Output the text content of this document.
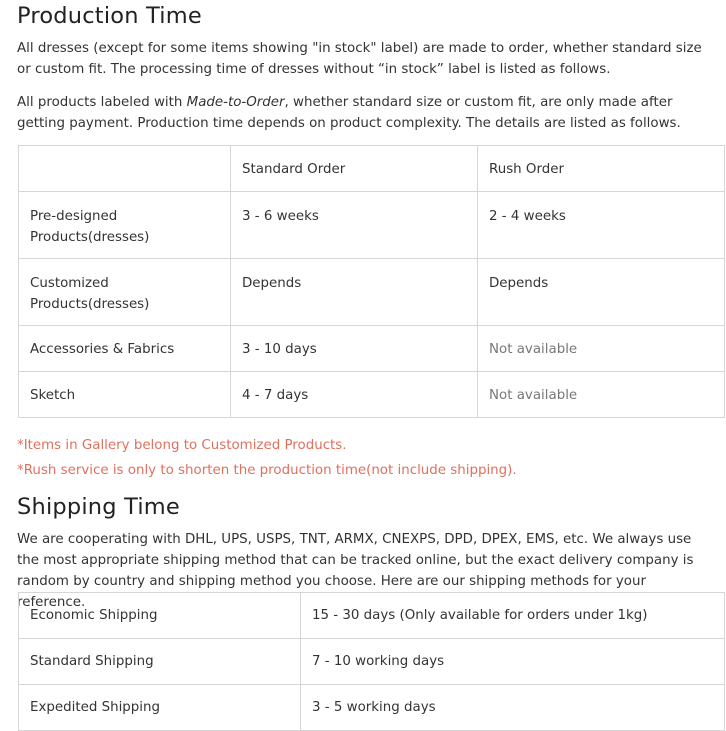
Production Time

All dresses (except for some items showing "in stock" label) are made to order, whether standard size or custom fit. The processing time of dresses without “in stock” label is listed as follows.

All products labeled with Made-to-Order, whether standard size or custom fit, are only made after getting payment. Production time depends on product complexity. The details are listed as follows.

	Standard Order	Rush Order
Pre-designed Products(dresses)	3 - 6 weeks	2 - 4 weeks
Customized Products(dresses)	Depends	Depends
Accessories & Fabrics	3 - 10 days	Not available
Sketch	4 - 7 days	Not available

*Items in Gallery belong to Customized Products.

*Rush service is only to shorten the production time(not include shipping).

Shipping Time

We are cooperating with DHL, UPS, USPS, TNT, ARMX, CNEXPS, DPD, DPEX, EMS, etc. We always use the most appropriate shipping method that can be tracked online, but the exact delivery company is random by country and shipping method you choose. Here are our shipping methods for your reference.

Economic Shipping	15 - 30 days (Only available for orders under 1kg)
Standard Shipping	7 - 10 working days
Expedited Shipping	3 - 5 working days
